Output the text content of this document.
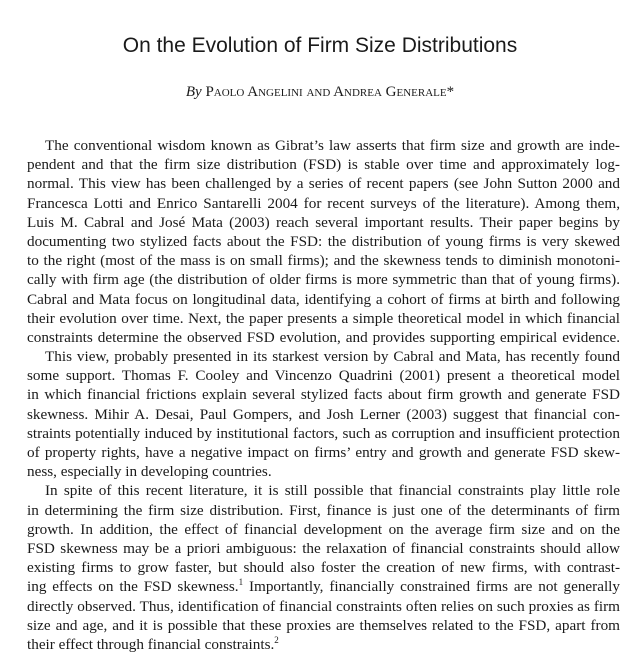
On the Evolution of Firm Size Distributions
By Paolo Angelini and Andrea Generale*
The conventional wisdom known as Gibrat’s law asserts that firm size and growth are inde-
pendent and that the firm size distribution (FSD) is stable over time and approximately log-
normal. This view has been challenged by a series of recent papers (see John Sutton 2000 and
Francesca Lotti and Enrico Santarelli 2004 for recent surveys of the literature). Among them,
Luis M. Cabral and José Mata (2003) reach several important results. Their paper begins by
documenting two stylized facts about the FSD: the distribution of young firms is very skewed
to the right (most of the mass is on small firms); and the skewness tends to diminish monotoni-
cally with firm age (the distribution of older firms is more symmetric than that of young firms).
Cabral and Mata focus on longitudinal data, identifying a cohort of firms at birth and following
their evolution over time. Next, the paper presents a simple theoretical model in which financial
constraints determine the observed FSD evolution, and provides supporting empirical evidence.
This view, probably presented in its starkest version by Cabral and Mata, has recently found
some support. Thomas F. Cooley and Vincenzo Quadrini (2001) present a theoretical model
in which financial frictions explain several stylized facts about firm growth and generate FSD
skewness. Mihir A. Desai, Paul Gompers, and Josh Lerner (2003) suggest that financial con-
straints potentially induced by institutional factors, such as corruption and insufficient protection
of property rights, have a negative impact on firms’ entry and growth and generate FSD skew-
ness, especially in developing countries.
In spite of this recent literature, it is still possible that financial constraints play little role
in determining the firm size distribution. First, finance is just one of the determinants of firm
growth. In addition, the effect of financial development on the average firm size and on the
FSD skewness may be a priori ambiguous: the relaxation of financial constraints should allow
existing firms to grow faster, but should also foster the creation of new firms, with contrast-
ing effects on the FSD skewness.$^1$ Importantly, financially constrained firms are not generally
directly observed. Thus, identification of financial constraints often relies on such proxies as firm
size and age, and it is possible that these proxies are themselves related to the FSD, apart from
their effect through financial constraints.$^2$
